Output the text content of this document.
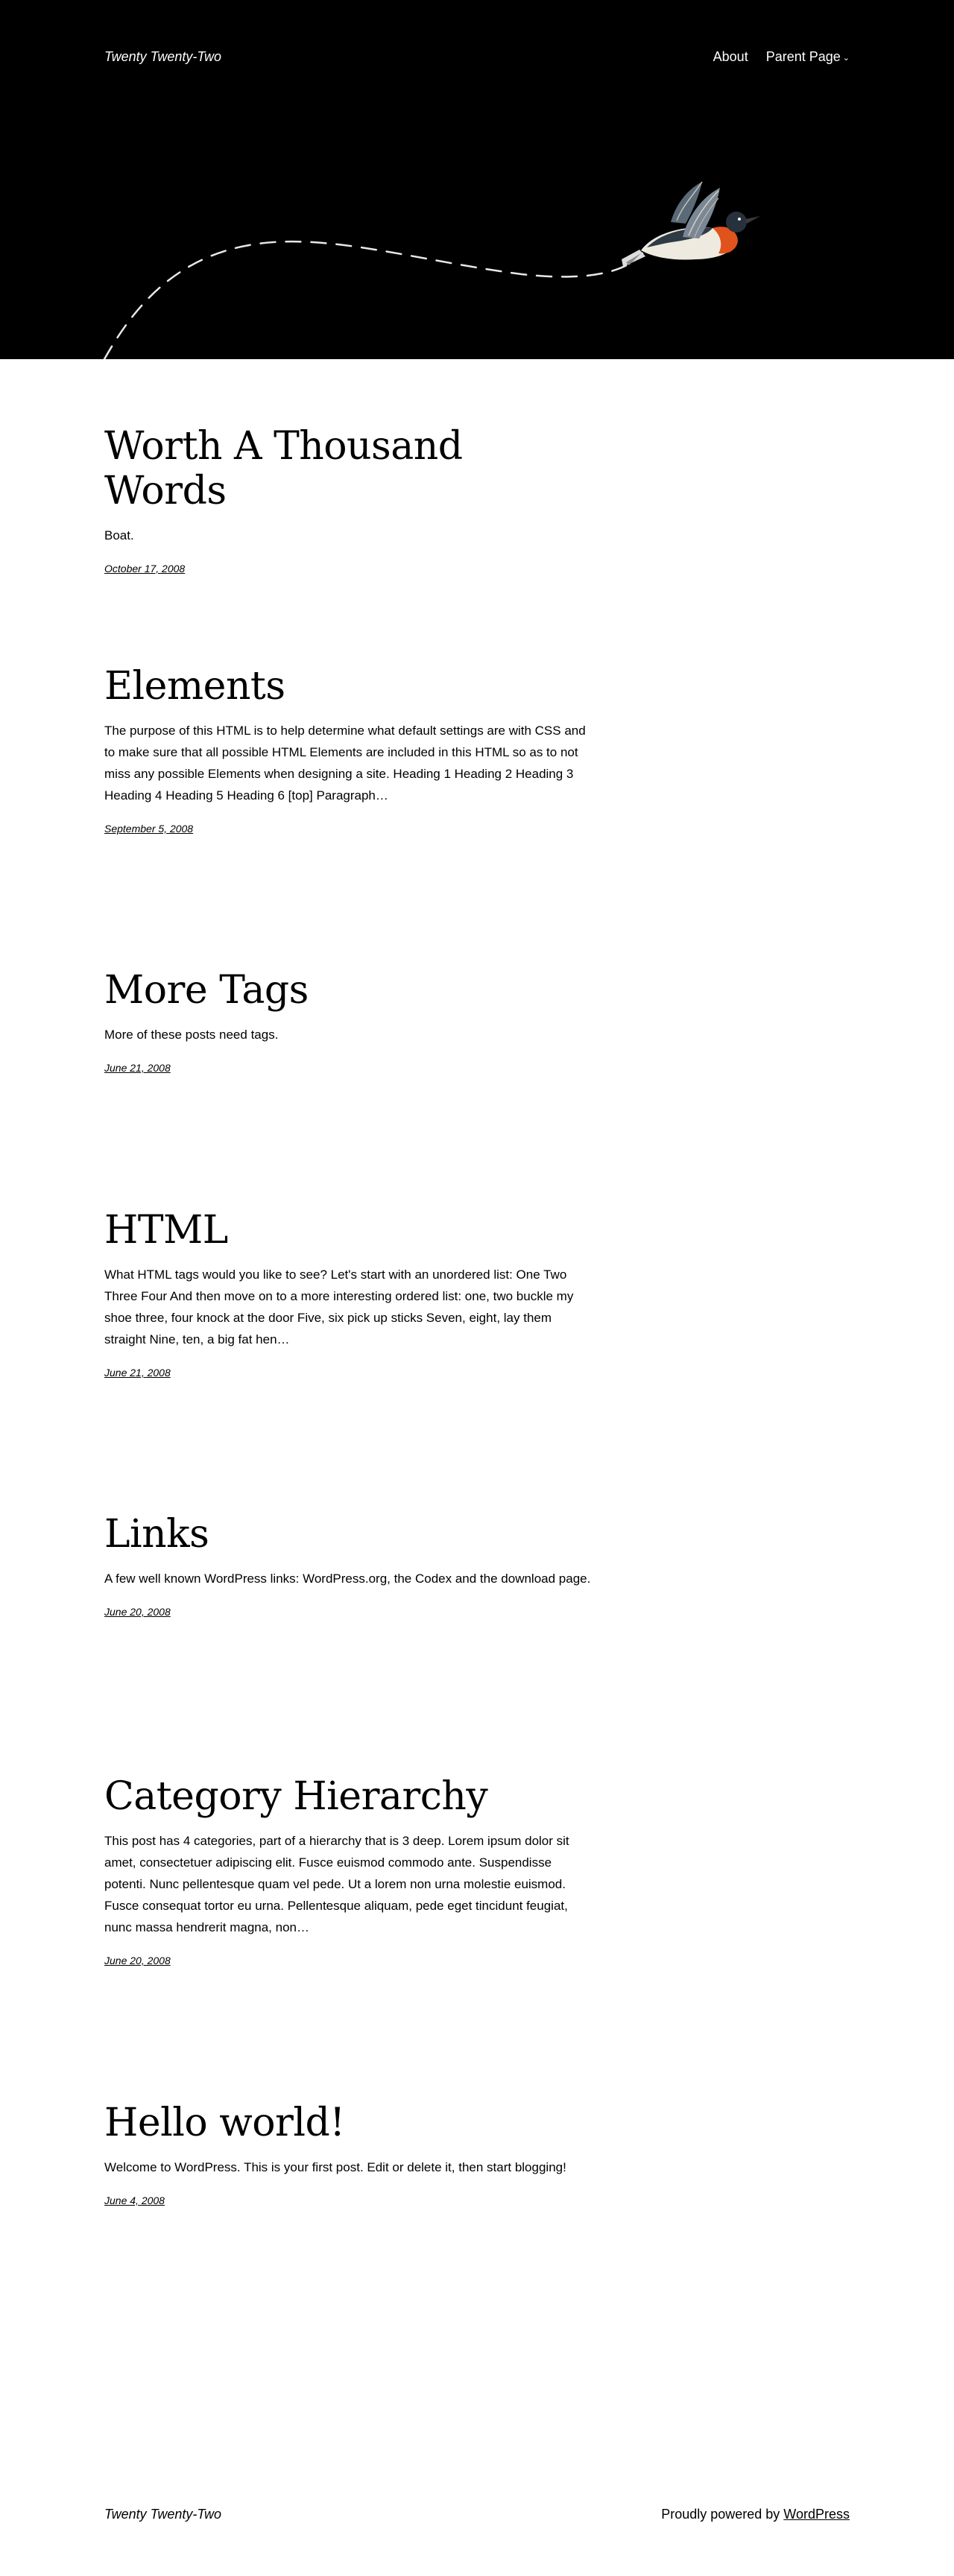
Twenty Twenty-Two	About Parent Page ⌄
Worth A Thousand Words

Boat.

October 17, 2008
Elements

The purpose of this HTML is to help determine what default settings are with CSS and to make sure that all possible HTML Elements are included in this HTML so as to not miss any possible Elements when designing a site. Heading 1 Heading 2 Heading 3 Heading 4 Heading 5 Heading 6 [top] Paragraph…

September 5, 2008
More Tags

More of these posts need tags.

June 21, 2008
HTML

What HTML tags would you like to see? Let's start with an unordered list: One Two Three Four And then move on to a more interesting ordered list: one, two buckle my shoe three, four knock at the door Five, six pick up sticks Seven, eight, lay them straight Nine, ten, a big fat hen…

June 21, 2008
Links

A few well known WordPress links: WordPress.org, the Codex and the download page.

June 20, 2008
Category Hierarchy

This post has 4 categories, part of a hierarchy that is 3 deep. Lorem ipsum dolor sit amet, consectetuer adipiscing elit. Fusce euismod commodo ante. Suspendisse potenti. Nunc pellentesque quam vel pede. Ut a lorem non urna molestie euismod. Fusce consequat tortor eu urna. Pellentesque aliquam, pede eget tincidunt feugiat, nunc massa hendrerit magna, non…

June 20, 2008
Hello world!

Welcome to WordPress. This is your first post. Edit or delete it, then start blogging!

June 4, 2008
Twenty Twenty-Two	Proudly powered by WordPress
